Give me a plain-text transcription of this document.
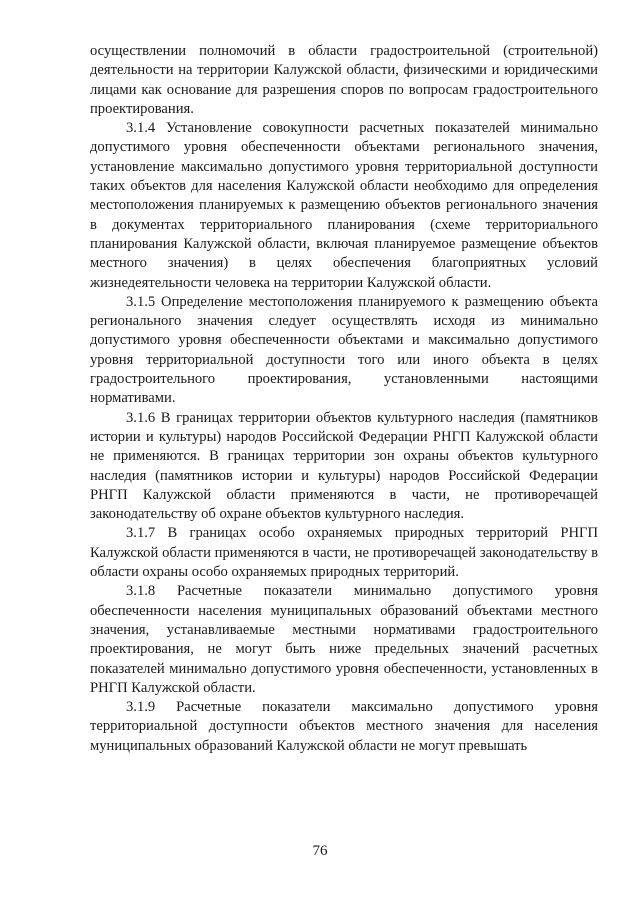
осуществлении полномочий в области градостроительной (строительной) деятельности на территории Калужской области, физическими и юридическими лицами как основание для разрешения споров по вопросам градостроительного проектирования.

3.1.4 Установление совокупности расчетных показателей минимально допустимого уровня обеспеченности объектами регионального значения, установление максимально допустимого уровня территориальной доступности таких объектов для населения Калужской области необходимо для определения местоположения планируемых к размещению объектов регионального значения в документах территориального планирования (схеме территориального планирования Калужской области, включая планируемое размещение объектов местного значения) в целях обеспечения благоприятных условий жизнедеятельности человека на территории Калужской области.

3.1.5 Определение местоположения планируемого к размещению объекта регионального значения следует осуществлять исходя из минимально допустимого уровня обеспеченности объектами и максимально допустимого уровня территориальной доступности того или иного объекта в целях градостроительного проектирования, установленными настоящими нормативами.

3.1.6 В границах территории объектов культурного наследия (памятников истории и культуры) народов Российской Федерации РНГП Калужской области не применяются. В границах территории зон охраны объектов культурного наследия (памятников истории и культуры) народов Российской Федерации РНГП Калужской области применяются в части, не противоречащей законодательству об охране объектов культурного наследия.

3.1.7 В границах особо охраняемых природных территорий РНГП Калужской области применяются в части, не противоречащей законодательству в области охраны особо охраняемых природных территорий.

3.1.8 Расчетные показатели минимально допустимого уровня обеспеченности населения муниципальных образований объектами местного значения, устанавливаемые местными нормативами градостроительного проектирования, не могут быть ниже предельных значений расчетных показателей минимально допустимого уровня обеспеченности, установленных в РНГП Калужской области.

3.1.9 Расчетные показатели максимально допустимого уровня территориальной доступности объектов местного значения для населения муниципальных образований Калужской области не могут превышать

76
